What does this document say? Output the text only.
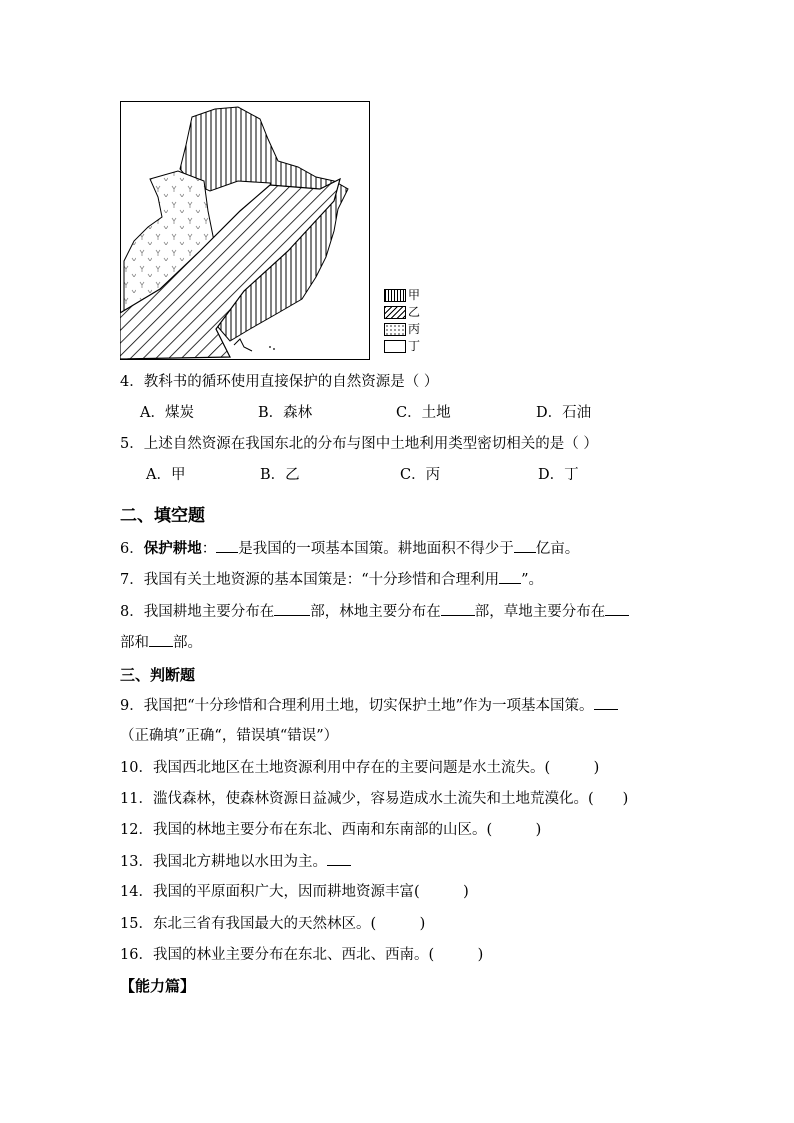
甲
乙
丙
丁
4．教科书的循环使用直接保护的自然资源是（ ）
A．煤炭	B．森林	C．土地	D．石油
5．上述自然资源在我国东北的分布与图中土地利用类型密切相关的是（ ）
A．甲	B．乙	C．丙	D．丁
二、填空题
6．保护耕地： 是我国的一项基本国策。耕地面积不得少于 亿亩。
7．我国有关土地资源的基本国策是：“十分珍惜和合理利用 ”。
8．我国耕地主要分布在 部，林地主要分布在 部，草地主要分布在
部和 部。
三、判断题
9．我国把“十分珍惜和合理利用土地，切实保护土地”作为一项基本国策。
（正确填”正确“，错误填“错误”）
10．我国西北地区在土地资源利用中存在的主要问题是水土流失。(　　　)
11．滥伐森林，使森林资源日益减少，容易造成水土流失和土地荒漠化。(　　)
12．我国的林地主要分布在东北、西南和东南部的山区。(　　　)
13．我国北方耕地以水田为主。
14．我国的平原面积广大，因而耕地资源丰富(　　　)
15．东北三省有我国最大的天然林区。(　　　)
16．我国的林业主要分布在东北、西北、西南。(　　　)
【能力篇】
